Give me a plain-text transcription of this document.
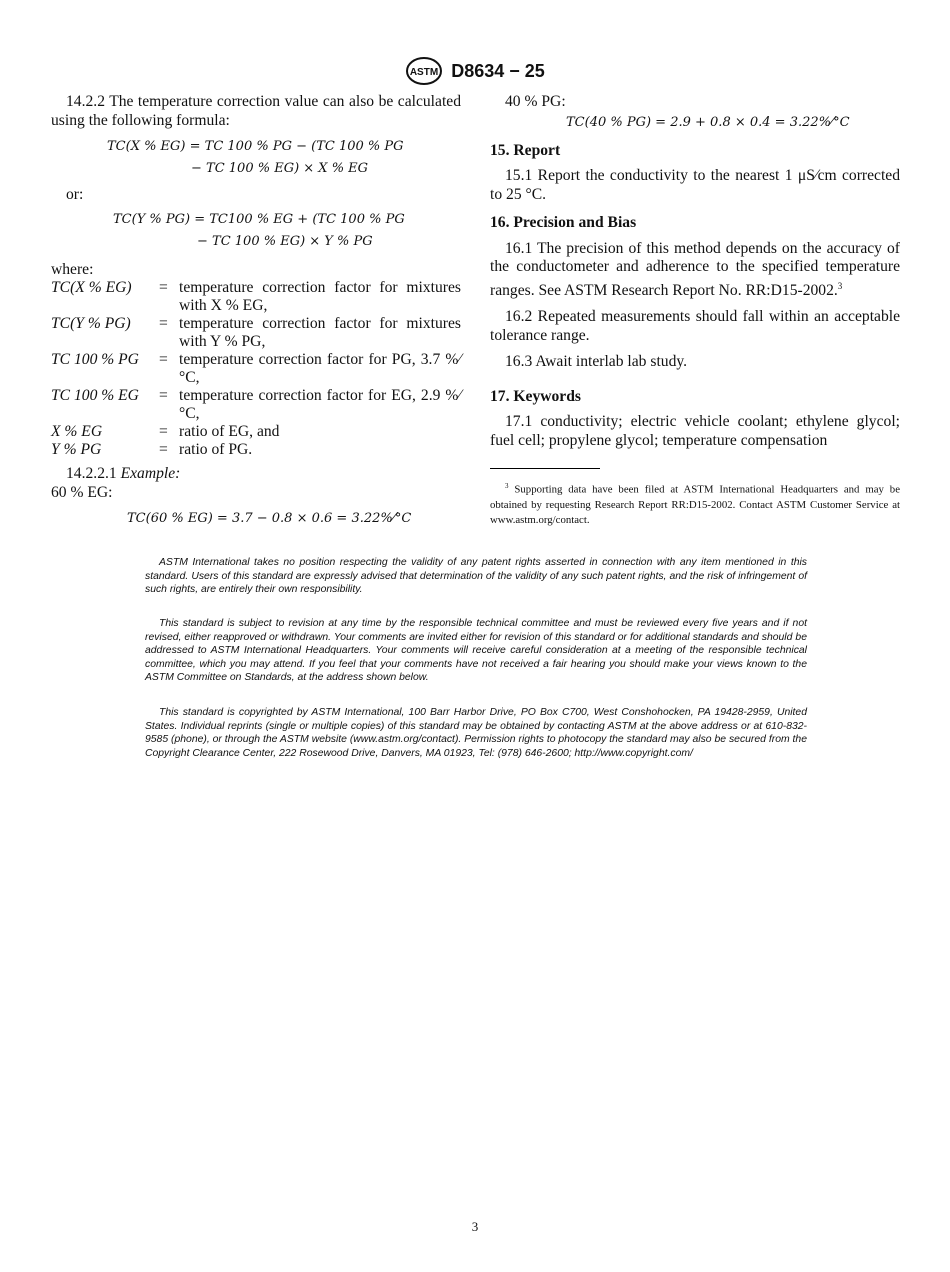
ASTM D8634 − 25

14.2.2 The temperature correction value can also be calculated using the following formula:

TC(X % EG) = TC 100 % PG − (TC 100 % PG
− TC 100 % EG) × X % EG

or:

TC(Y % PG) = TC100 % EG + (TC 100 % PG
− TC 100 % EG) × Y % PG

where:

TC(X % EG)	=	temperature correction factor for mixtures with X % EG,
TC(Y % PG)	=	temperature correction factor for mixtures with Y % PG,
TC 100 % PG	=	temperature correction factor for PG, 3.7 %⁄°C,
TC 100 % EG	=	temperature correction factor for EG, 2.9 %⁄°C,
X % EG	=	ratio of EG, and
Y % PG	=	ratio of PG.

14.2.2.1 Example:

60 % EG:

TC(60 % EG) = 3.7 − 0.8 × 0.6 = 3.22%⁄°C

40 % PG:

TC(40 % PG) = 2.9 + 0.8 × 0.4 = 3.22%⁄°C
15. Report

15.1 Report the conductivity to the nearest 1 μS⁄cm corrected to 25 °C.

16. Precision and Bias

16.1 The precision of this method depends on the accuracy of the conductometer and adherence to the specified temperature ranges. See ASTM Research Report No. RR:D15-2002.$^3$

16.2 Repeated measurements should fall within an acceptable tolerance range.

16.3 Await interlab lab study.

17. Keywords

17.1 conductivity; electric vehicle coolant; ethylene glycol; fuel cell; propylene glycol; temperature compensation

$^3$ Supporting data have been filed at ASTM International Headquarters and may be obtained by requesting Research Report RR:D15-2002. Contact ASTM Customer Service at www.astm.org/contact.

ASTM International takes no position respecting the validity of any patent rights asserted in connection with any item mentioned in this standard. Users of this standard are expressly advised that determination of the validity of any such patent rights, and the risk of infringement of such rights, are entirely their own responsibility.

This standard is subject to revision at any time by the responsible technical committee and must be reviewed every five years and if not revised, either reapproved or withdrawn. Your comments are invited either for revision of this standard or for additional standards and should be addressed to ASTM International Headquarters. Your comments will receive careful consideration at a meeting of the responsible technical committee, which you may attend. If you feel that your comments have not received a fair hearing you should make your views known to the ASTM Committee on Standards, at the address shown below.

This standard is copyrighted by ASTM International, 100 Barr Harbor Drive, PO Box C700, West Conshohocken, PA 19428-2959, United States. Individual reprints (single or multiple copies) of this standard may be obtained by contacting ASTM at the above address or at 610-832-9585 (phone), or through the ASTM website (www.astm.org/contact). Permission rights to photocopy the standard may also be secured from the Copyright Clearance Center, 222 Rosewood Drive, Danvers, MA 01923, Tel: (978) 646-2600; http://www.copyright.com/

3
